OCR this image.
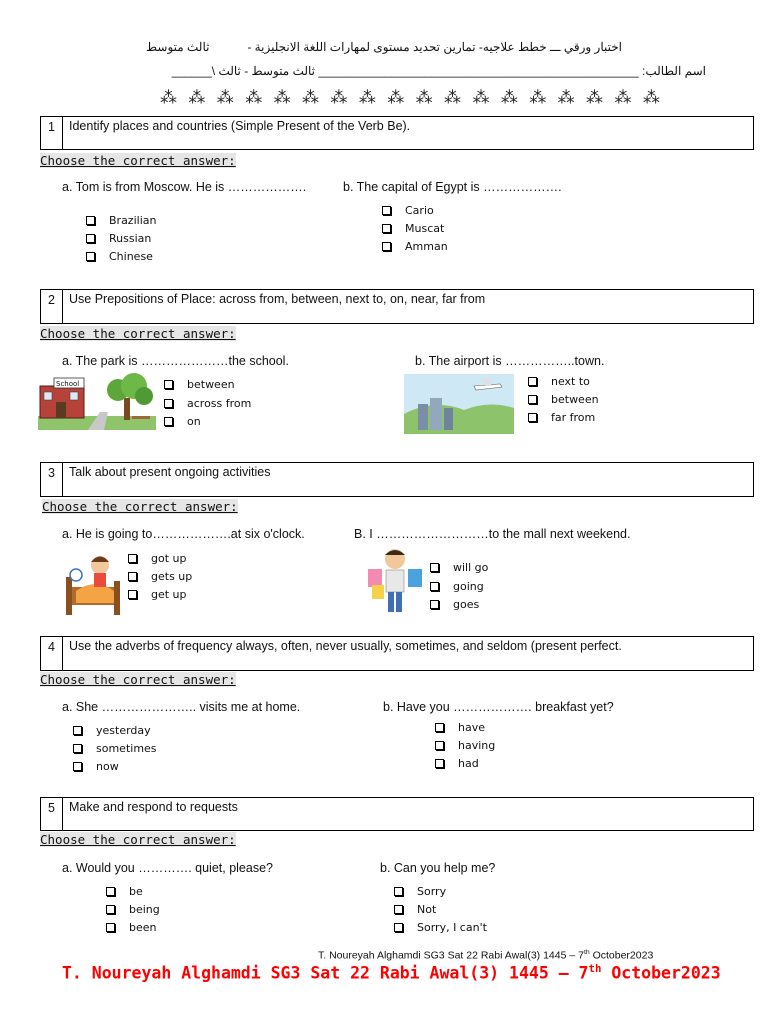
اختبار ورقي ـــ خطط علاجيه- تمارين تحديد مستوى لمهارات اللغة الانجليزية -
ثالث متوسط
اسم الطالب: ________________________________________________ ثالث متوسط - ثالث \______
⁂ ⁂ ⁂ ⁂ ⁂ ⁂ ⁂ ⁂ ⁂ ⁂ ⁂ ⁂ ⁂ ⁂ ⁂ ⁂ ⁂ ⁂
1	Identify places and countries (Simple Present of the Verb Be).
Choose the correct answer:
a. Tom is from Moscow. He is ……………….	b. The capital of Egypt is ……………….
Brazilian
Russian
Chinese
Cario
Muscat
Amman
2	Use Prepositions of Place: across from, between, next to, on, near, far from
Choose the correct answer:
a. The park is …………………the school.	b. The airport is ……………..town.
School	between
across from
on
next to
between
far from
3	Talk about present ongoing activities
Choose the correct answer:
a. He is going to……………….at six o'clock.	B. I ………………………to the mall next weekend.
got up
gets up
get up
will go
going
goes
4	Use the adverbs of frequency always, often, never usually, sometimes, and seldom (present perfect.
Choose the correct answer:
a. She ………………….. visits me at home.	b. Have you ………………. breakfast yet?
yesterday
sometimes
now
have
having
had
5	Make and respond to requests
Choose the correct answer:
a. Would you …………. quiet, please?	b. Can you help me?
be
being
been
Sorry
Not
Sorry, I can't
T. Noureyah Alghamdi SG3 Sat 22 Rabi Awal(3) 1445 – 7th October2023
T. Noureyah Alghamdi SG3 Sat 22 Rabi Awal(3) 1445 – 7th October2023
